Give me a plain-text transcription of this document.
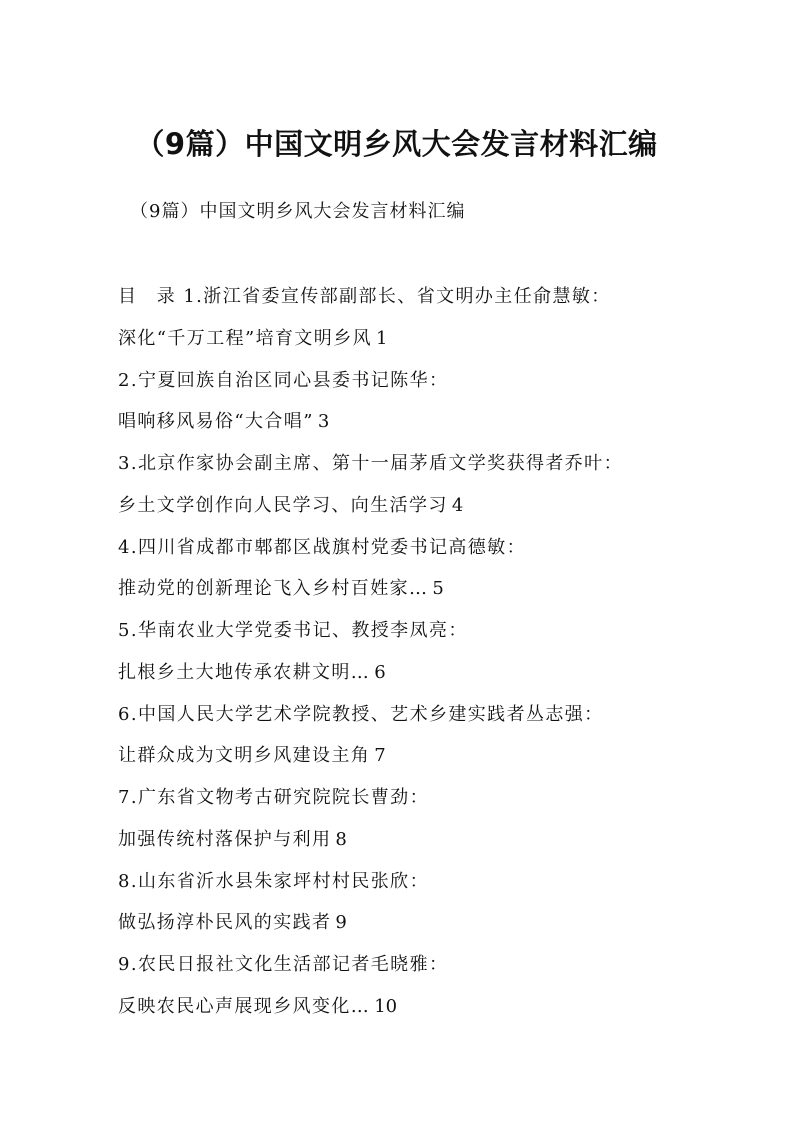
（9篇）中国文明乡风大会发言材料汇编
（9篇）中国文明乡风大会发言材料汇编
目　录 1.浙江省委宣传部副部长、省文明办主任俞慧敏：
深化“千万工程”培育文明乡风 1
2.宁夏回族自治区同心县委书记陈华：
唱响移风易俗“大合唱” 3
3.北京作家协会副主席、第十一届茅盾文学奖获得者乔叶：
乡土文学创作向人民学习、向生活学习 4
4.四川省成都市郫都区战旗村党委书记高德敏：
推动党的创新理论飞入乡村百姓家… 5
5.华南农业大学党委书记、教授李凤亮：
扎根乡土大地传承农耕文明… 6
6.中国人民大学艺术学院教授、艺术乡建实践者丛志强：
让群众成为文明乡风建设主角 7
7.广东省文物考古研究院院长曹劲：
加强传统村落保护与利用 8
8.山东省沂水县朱家坪村村民张欣：
做弘扬淳朴民风的实践者 9
9.农民日报社文化生活部记者毛晓雅：
反映农民心声展现乡风变化… 10
